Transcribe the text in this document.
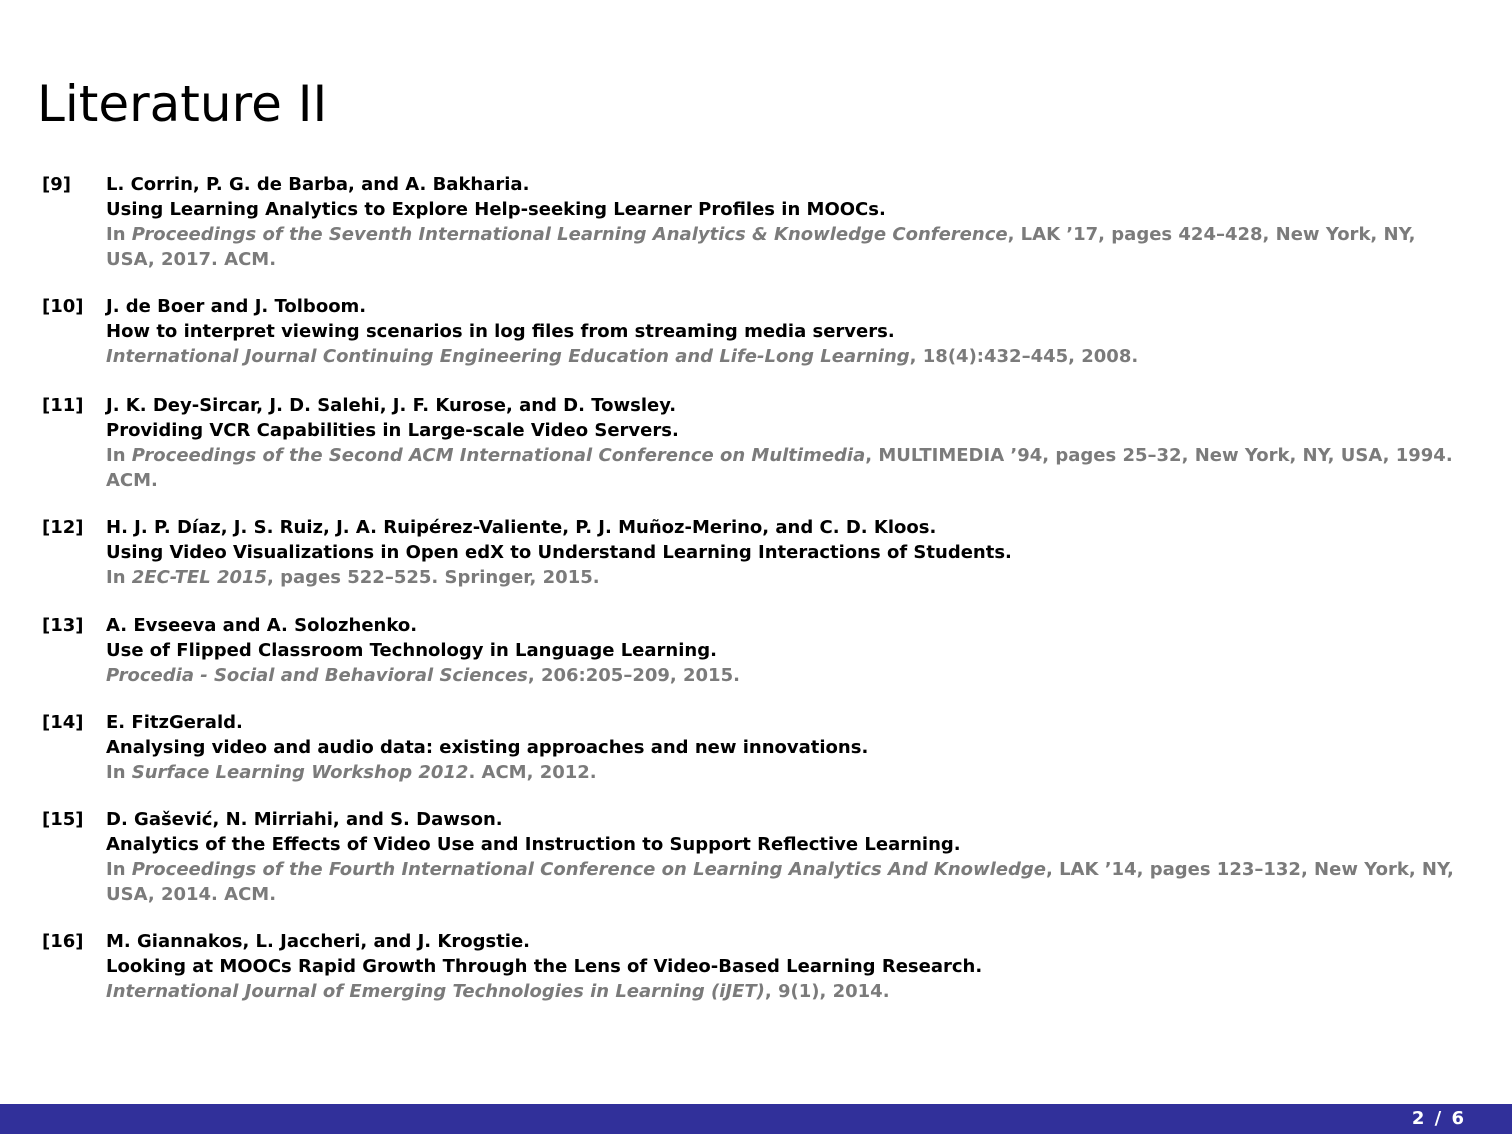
Literature II
[9] L. Corrin, P. G. de Barba, and A. Bakharia.
Using Learning Analytics to Explore Help-seeking Learner Profiles in MOOCs.
In Proceedings of the Seventh International Learning Analytics & Knowledge Conference, LAK ’17, pages 424–428, New York, NY, USA, 2017. ACM.
[10] J. de Boer and J. Tolboom.
How to interpret viewing scenarios in log files from streaming media servers.
International Journal Continuing Engineering Education and Life-Long Learning, 18(4):432–445, 2008.
[11] J. K. Dey-Sircar, J. D. Salehi, J. F. Kurose, and D. Towsley.
Providing VCR Capabilities in Large-scale Video Servers.
In Proceedings of the Second ACM International Conference on Multimedia, MULTIMEDIA ’94, pages 25–32, New York, NY, USA, 1994. ACM.
[12] H. J. P. Díaz, J. S. Ruiz, J. A. Ruipérez-Valiente, P. J. Muñoz-Merino, and C. D. Kloos.
Using Video Visualizations in Open edX to Understand Learning Interactions of Students.
In 2EC-TEL 2015, pages 522–525. Springer, 2015.
[13] A. Evseeva and A. Solozhenko.
Use of Flipped Classroom Technology in Language Learning.
Procedia - Social and Behavioral Sciences, 206:205–209, 2015.
[14] E. FitzGerald.
Analysing video and audio data: existing approaches and new innovations.
In Surface Learning Workshop 2012. ACM, 2012.
[15] D. Gašević, N. Mirriahi, and S. Dawson.
Analytics of the Effects of Video Use and Instruction to Support Reflective Learning.
In Proceedings of the Fourth International Conference on Learning Analytics And Knowledge, LAK ’14, pages 123–132, New York, NY, USA, 2014. ACM.
[16] M. Giannakos, L. Jaccheri, and J. Krogstie.
Looking at MOOCs Rapid Growth Through the Lens of Video-Based Learning Research.
International Journal of Emerging Technologies in Learning (iJET), 9(1), 2014.
2 / 6
